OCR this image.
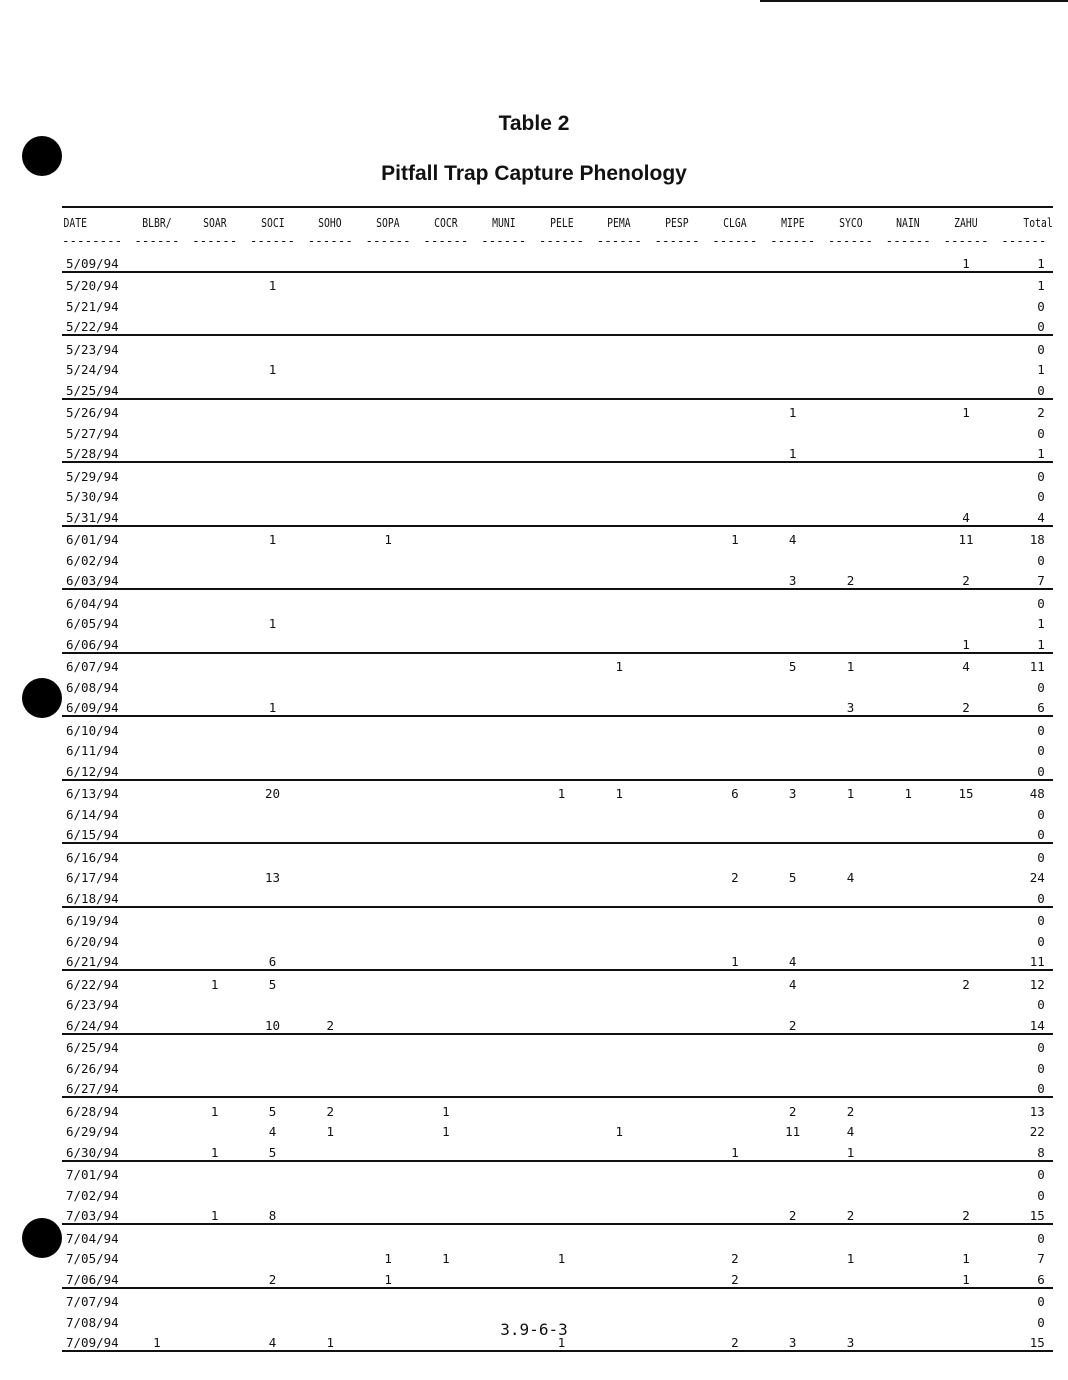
Table 2
Pitfall Trap Capture Phenology
DATE	BLBR/	SOAR	SOCI	SOHO	SOPA	COCR	MUNI	PELE	PEMA	PESP	CLGA	MIPE	SYCO	NAIN	ZAHU	Total
--------	------	------	------	------	------	------	------	------	------	------	------	------	------	------	------	------
5/09/94															1	1
5/20/94			1													1
5/21/94																0
5/22/94																0
5/23/94																0
5/24/94			1													1
5/25/94																0
5/26/94												1			1	2
5/27/94																0
5/28/94												1				1
5/29/94																0
5/30/94																0
5/31/94															4	4
6/01/94			1		1						1	4			11	18
6/02/94																0
6/03/94												3	2		2	7
6/04/94																0
6/05/94			1													1
6/06/94															1	1
6/07/94									1			5	1		4	11
6/08/94																0
6/09/94			1										3		2	6
6/10/94																0
6/11/94																0
6/12/94																0
6/13/94			20					1	1		6	3	1	1	15	48
6/14/94																0
6/15/94																0
6/16/94																0
6/17/94			13								2	5	4			24
6/18/94																0
6/19/94																0
6/20/94																0
6/21/94			6								1	4				11
6/22/94		1	5									4			2	12
6/23/94																0
6/24/94			10	2								2				14
6/25/94																0
6/26/94																0
6/27/94																0
6/28/94		1	5	2		1						2	2			13
6/29/94			4	1		1			1			11	4			22
6/30/94		1	5								1		1			8
7/01/94																0
7/02/94																0
7/03/94		1	8									2	2		2	15
7/04/94																0
7/05/94					1	1		1			2		1		1	7
7/06/94			2		1						2				1	6
7/07/94																0
7/08/94																0
7/09/94	1		4	1				1			2	3	3			15
3.9-6-3
